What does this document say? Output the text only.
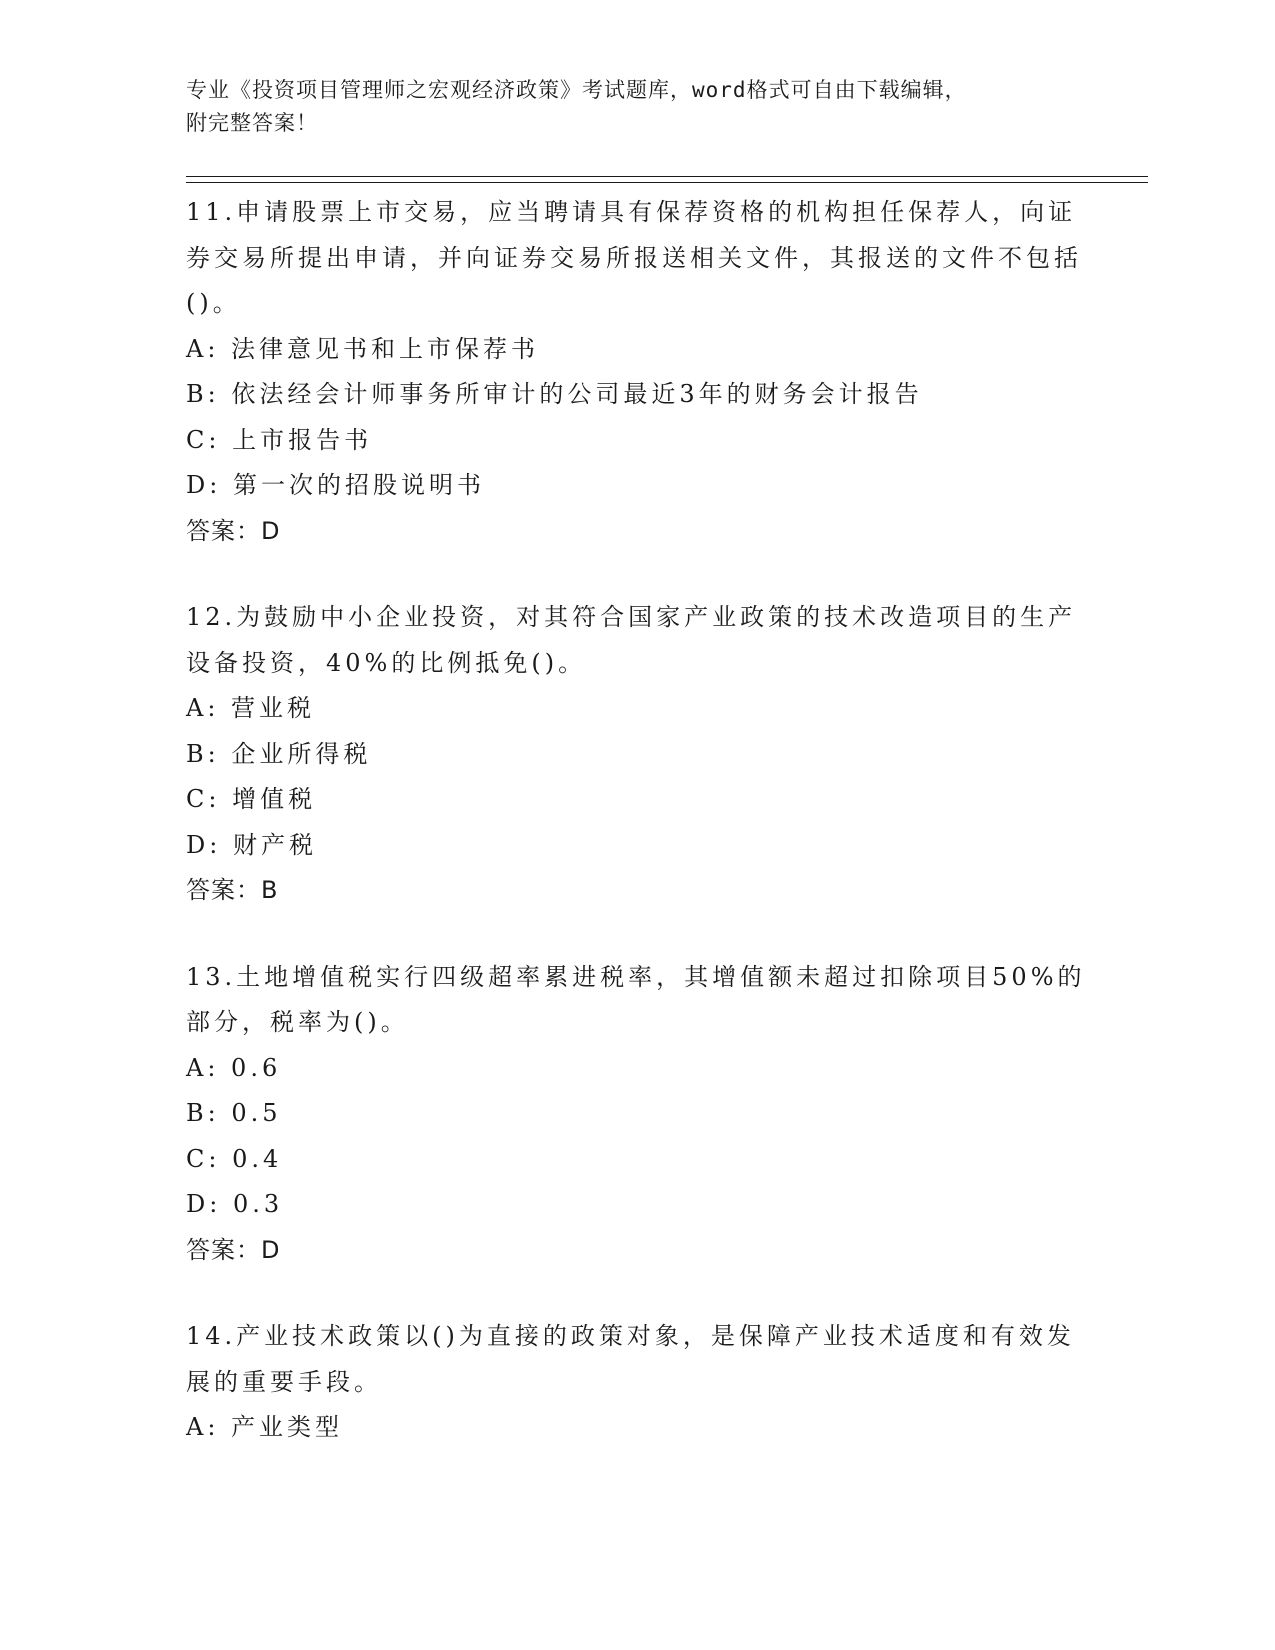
专业《投资项目管理师之宏观经济政策》考试题库，word格式可自由下载编辑，
附完整答案！
11.申请股票上市交易，应当聘请具有保荐资格的机构担任保荐人，向证券交易所提出申请，并向证券交易所报送相关文件，其报送的文件不包括()。
A: 法律意见书和上市保荐书
B: 依法经会计师事务所审计的公司最近3年的财务会计报告
C: 上市报告书
D: 第一次的招股说明书
答案：D
12.为鼓励中小企业投资，对其符合国家产业政策的技术改造项目的生产设备投资，40%的比例抵免()。
A: 营业税
B: 企业所得税
C: 增值税
D: 财产税
答案：B
13.土地增值税实行四级超率累进税率，其增值额未超过扣除项目50%的部分，税率为()。
A: 0.6
B: 0.5
C: 0.4
D: 0.3
答案：D
14.产业技术政策以()为直接的政策对象，是保障产业技术适度和有效发展的重要手段。
A: 产业类型
